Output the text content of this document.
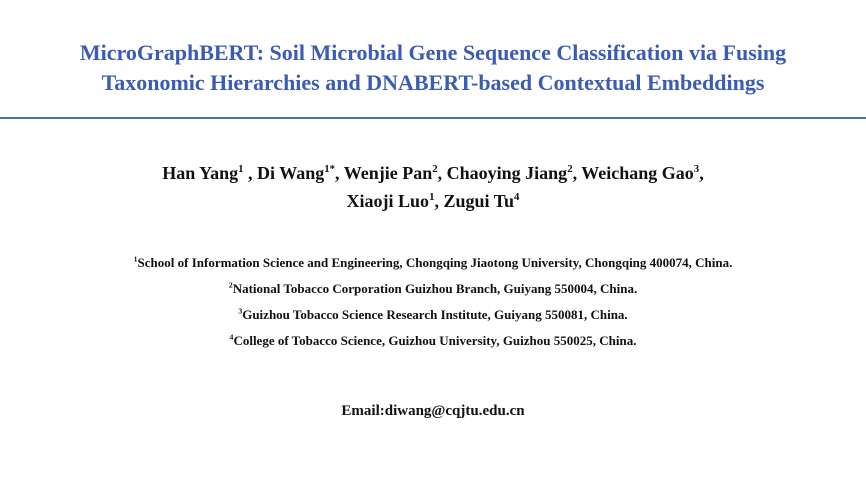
MicroGraphBERT: Soil Microbial Gene Sequence Classification via Fusing
Taxonomic Hierarchies and DNABERT-based Contextual Embeddings
Han Yang$^1$ , Di Wang$^{1*}$, Wenjie Pan$^2$, Chaoying Jiang$^2$, Weichang Gao$^3$,
Xiaoji Luo$^1$, Zugui Tu$^4$
$^1$School of Information Science and Engineering, Chongqing Jiaotong University, Chongqing 400074, China.
$^2$National Tobacco Corporation Guizhou Branch, Guiyang 550004, China.
$^3$Guizhou Tobacco Science Research Institute, Guiyang 550081, China.
$^4$College of Tobacco Science, Guizhou University, Guizhou 550025, China.
Email:diwang@cqjtu.edu.cn
